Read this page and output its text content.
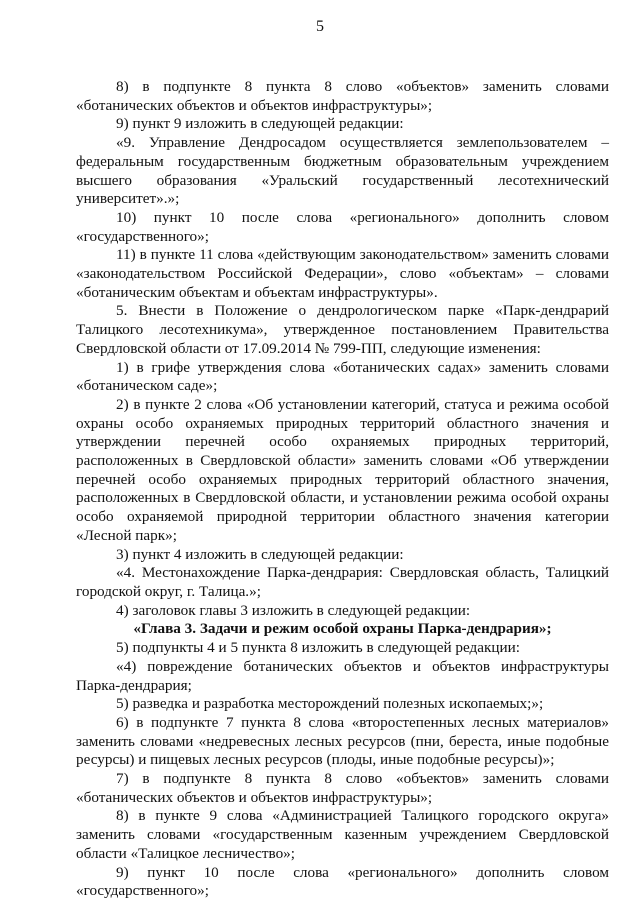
5

8) в подпункте 8 пункта 8 слово «объектов» заменить словами «ботанических объектов и объектов инфраструктуры»;

9) пункт 9 изложить в следующей редакции:

«9. Управление Дендросадом осуществляется землепользователем – федеральным государственным бюджетным образовательным учреждением высшего образования «Уральский государственный лесотехнический университет».»;

10) пункт 10 после слова «регионального» дополнить словом «государственного»;

11) в пункте 11 слова «действующим законодательством» заменить словами «законодательством Российской Федерации», слово «объектам» – словами «ботаническим объектам и объектам инфраструктуры».

5. Внести в Положение о дендрологическом парке «Парк-дендрарий Талицкого лесотехникума», утвержденное постановлением Правительства Свердловской области от 17.09.2014 № 799-ПП, следующие изменения:

1) в грифе утверждения слова «ботанических садах» заменить словами «ботаническом саде»;

2) в пункте 2 слова «Об установлении категорий, статуса и режима особой охраны особо охраняемых природных территорий областного значения и утверждении перечней особо охраняемых природных территорий, расположенных в Свердловской области» заменить словами «Об утверждении перечней особо охраняемых природных территорий областного значения, расположенных в Свердловской области, и установлении режима особой охраны особо охраняемой природной территории областного значения категории «Лесной парк»;

3) пункт 4 изложить в следующей редакции:

«4. Местонахождение Парка-дендрария: Свердловская область, Талицкий городской округ, г. Талица.»;

4) заголовок главы 3 изложить в следующей редакции:

«Глава 3. Задачи и режим особой охраны Парка-дендрария»;

5) подпункты 4 и 5 пункта 8 изложить в следующей редакции:

«4) повреждение ботанических объектов и объектов инфраструктуры Парка-дендрария;

5) разведка и разработка месторождений полезных ископаемых;»;

6) в подпункте 7 пункта 8 слова «второстепенных лесных материалов» заменить словами «недревесных лесных ресурсов (пни, береста, иные подобные ресурсы) и пищевых лесных ресурсов (плоды, иные подобные ресурсы)»;

7) в подпункте 8 пункта 8 слово «объектов» заменить словами «ботанических объектов и объектов инфраструктуры»;

8) в пункте 9 слова «Администрацией Талицкого городского округа» заменить словами «государственным казенным учреждением Свердловской области «Талицкое лесничество»;

9) пункт 10 после слова «регионального» дополнить словом «государственного»;
